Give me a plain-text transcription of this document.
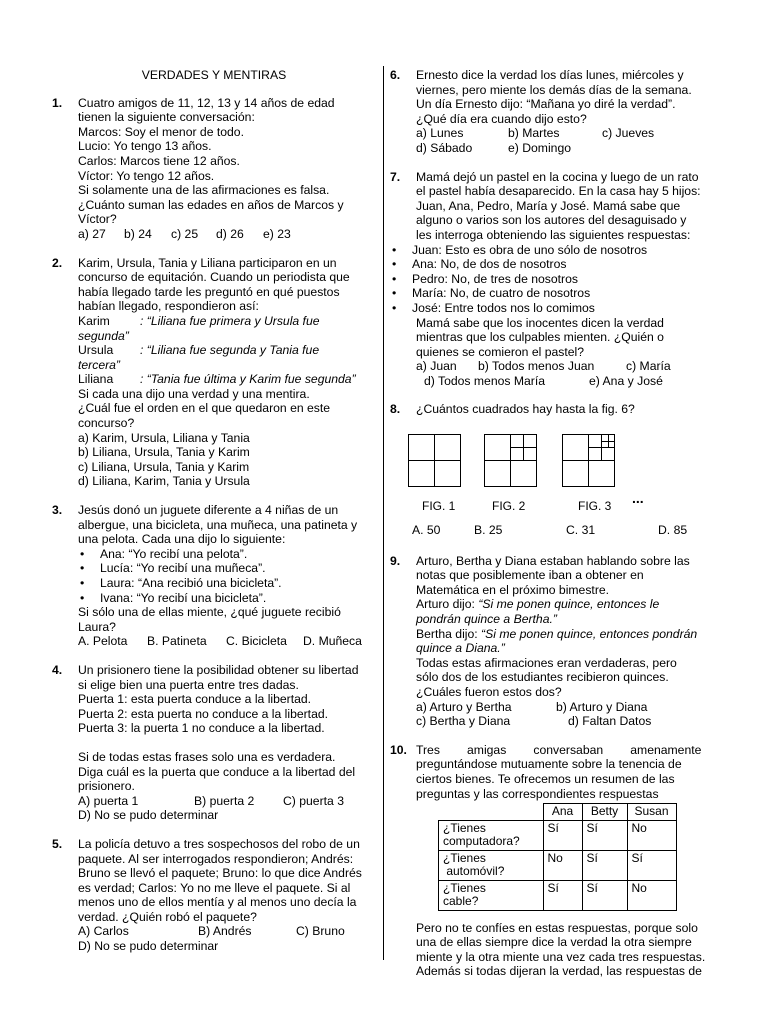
VERDADES Y MENTIRAS
1. Cuatro amigos de 11, 12, 13 y 14 años de edad
tienen la siguiente conversación:
Marcos: Soy el menor de todo.
Lucio: Yo tengo 13 años.
Carlos: Marcos tiene 12 años.
Víctor: Yo tengo 12 años.
Si solamente una de las afirmaciones es falsa.
¿Cuánto suman las edades en años de Marcos y
Víctor?
a) 27	b) 24	c) 25	d) 26	e) 23
2. Karim, Ursula, Tania y Liliana participaron en un
concurso de equitación. Cuando un periodista que
había llegado tarde les preguntó en qué puestos
habían llegado, respondieron así:
Karim : “Liliana fue primera y Ursula fue
segunda”
Ursula : “Liliana fue segunda y Tania fue
tercera”
Liliana : “Tania fue última y Karim fue segunda”
Si cada una dijo una verdad y una mentira.
¿Cuál fue el orden en el que quedaron en este
concurso?
a) Karim, Ursula, Liliana y Tania
b) Liliana, Ursula, Tania y Karim
c) Liliana, Ursula, Tania y Karim
d) Liliana, Karim, Tania y Ursula
3. Jesús donó un juguete diferente a 4 niñas de un
albergue, una bicicleta, una muñeca, una patineta y
una pelota. Cada una dijo lo siguiente:
• Ana: “Yo recibí una pelota”.
• Lucía: “Yo recibí una muñeca”.
• Laura: “Ana recibió una bicicleta”.
• Ivana: “Yo recibí una bicicleta”.
Si sólo una de ellas miente, ¿qué juguete recibió
Laura?
A. Pelota	B. Patineta	C. Bicicleta	D. Muñeca
4. Un prisionero tiene la posibilidad obtener su libertad
si elige bien una puerta entre tres dadas.
Puerta 1: esta puerta conduce a la libertad.
Puerta 2: esta puerta no conduce a la libertad.
Puerta 3: la puerta 1 no conduce a la libertad.
Si de todas estas frases solo una es verdadera.
Diga cuál es la puerta que conduce a la libertad del
prisionero.
A) puerta 1	B) puerta 2	C) puerta 3
D) No se pudo determinar
5. La policía detuvo a tres sospechosos del robo de un
paquete. Al ser interrogados respondieron; Andrés:
Bruno se llevó el paquete; Bruno: lo que dice Andrés
es verdad; Carlos: Yo no me lleve el paquete. Si al
menos uno de ellos mentía y al menos uno decía la
verdad. ¿Quién robó el paquete?
A) Carlos	B) Andrés	C) Bruno
D) No se pudo determinar
6. Ernesto dice la verdad los días lunes, miércoles y
viernes, pero miente los demás días de la semana.
Un día Ernesto dijo: “Mañana yo diré la verdad”.
¿Qué día era cuando dijo esto?
a) Lunes	b) Martes	c) Jueves
d) Sábado	e) Domingo
7. Mamá dejó un pastel en la cocina y luego de un rato
el pastel había desaparecido. En la casa hay 5 hijos:
Juan, Ana, Pedro, María y José. Mamá sabe que
alguno o varios son los autores del desaguisado y
les interroga obteniendo las siguientes respuestas:
• Juan: Esto es obra de uno sólo de nosotros
• Ana: No, de dos de nosotros
• Pedro: No, de tres de nosotros
• María: No, de cuatro de nosotros
• José: Entre todos nos lo comimos
Mamá sabe que los inocentes dicen la verdad
mientras que los culpables mienten. ¿Quién o
quienes se comieron el pastel?
a) Juan	b) Todos menos Juan	c) María
d) Todos menos María	e) Ana y José
8. ¿Cuántos cuadrados hay hasta la fig. 6?
FIG. 1	FIG. 2	FIG. 3 ...
A. 50	B. 25	C. 31	D. 85
9. Arturo, Bertha y Diana estaban hablando sobre las
notas que posiblemente iban a obtener en
Matemática en el próximo bimestre.
Arturo dijo: “Si me ponen quince, entonces le
pondrán quince a Bertha.”
Bertha dijo: “Si me ponen quince, entonces pondrán
quince a Diana.”
Todas estas afirmaciones eran verdaderas, pero
sólo dos de los estudiantes recibieron quinces.
¿Cuáles fueron estos dos?
a) Arturo y Bertha	b) Arturo y Diana
c) Bertha y Diana	d) Faltan Datos
10. Tres        amigas        conversaban        amenamente
preguntándose mutuamente sobre la tenencia de
ciertos bienes. Te ofrecemos un resumen de las
preguntas y las correspondientes respuestas
	Ana	Betty	Susan

¿Tienes
computadora?	Sí	Sí	No

¿Tienes
automóvil?	No	Sí	Sí

¿Tienes
cable?	Sí	Sí	No
Pero no te confíes en estas respuestas, porque solo
una de ellas siempre dice la verdad la otra siempre
miente y la otra miente una vez cada tres respuestas.
Además si todas dijeran la verdad, las respuestas de
